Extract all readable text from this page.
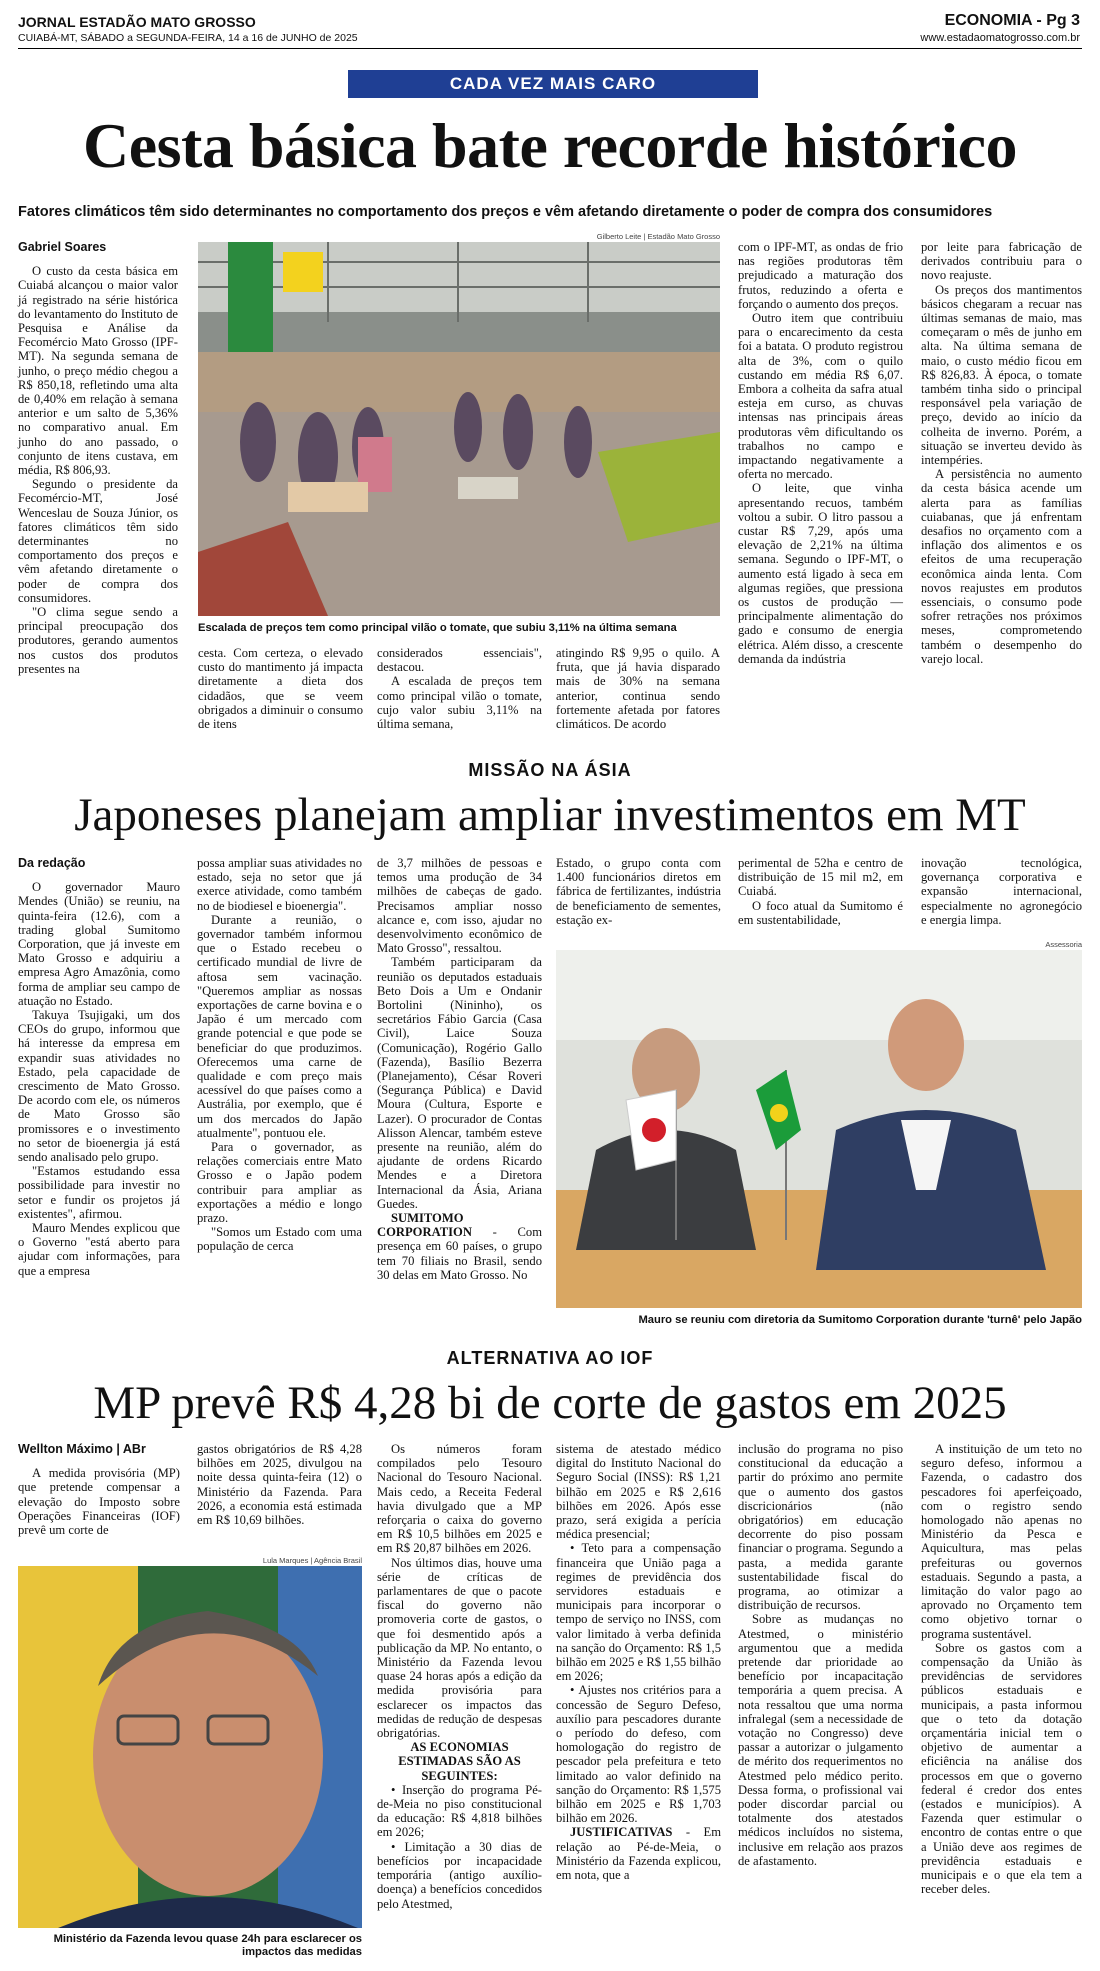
JORNAL ESTADÃO MATO GROSSO
CUIABÁ-MT, SÁBADO a SEGUNDA-FEIRA, 14 a 16 de JUNHO de 2025
ECONOMIA - Pg 3
www.estadaomatogrosso.com.br
CADA VEZ MAIS CARO
Cesta básica bate recorde histórico
Fatores climáticos têm sido determinantes no comportamento dos preços e vêm afetando diretamente o poder de compra dos consumidores
Gabriel Soares

O custo da cesta básica em Cuiabá alcançou o maior valor já registrado na série histórica do levantamento do Instituto de Pesquisa e Análise da Fecomércio Mato Grosso (IPF-MT). Na segunda semana de junho, o preço médio chegou a R$ 850,18, refletindo uma alta de 0,40% em relação à semana anterior e um salto de 5,36% no comparativo anual. Em junho do ano passado, o conjunto de itens custava, em média, R$ 806,93.

Segundo o presidente da Fecomércio-MT, José Wenceslau de Souza Júnior, os fatores climáticos têm sido determinantes no comportamento dos preços e vêm afetando diretamente o poder de compra dos consumidores.

"O clima segue sendo a principal preocupação dos produtores, gerando aumentos nos custos dos produtos presentes na

Gilberto Leite | Estadão Mato Grosso
Escalada de preços tem como principal vilão o tomate, que subiu 3,11% na última semana

cesta. Com certeza, o elevado custo do mantimento já impacta diretamente a dieta dos cidadãos, que se veem obrigados a diminuir o consumo de itens

considerados essenciais", destacou.

A escalada de preços tem como principal vilão o tomate, cujo valor subiu 3,11% na última semana,

atingindo R$ 9,95 o quilo. A fruta, que já havia disparado mais de 30% na semana anterior, continua sendo fortemente afetada por fatores climáticos. De acordo

com o IPF-MT, as ondas de frio nas regiões produtoras têm prejudicado a maturação dos frutos, reduzindo a oferta e forçando o aumento dos preços.

Outro item que contribuiu para o encarecimento da cesta foi a batata. O produto registrou alta de 3%, com o quilo custando em média R$ 6,07. Embora a colheita da safra atual esteja em curso, as chuvas intensas nas principais áreas produtoras vêm dificultando os trabalhos no campo e impactando negativamente a oferta no mercado.

O leite, que vinha apresentando recuos, também voltou a subir. O litro passou a custar R$ 7,29, após uma elevação de 2,21% na última semana. Segundo o IPF-MT, o aumento está ligado à seca em algumas regiões, que pressiona os custos de produção — principalmente alimentação do gado e consumo de energia elétrica. Além disso, a crescente demanda da indústria

por leite para fabricação de derivados contribuiu para o novo reajuste.

Os preços dos mantimentos básicos chegaram a recuar nas últimas semanas de maio, mas começaram o mês de junho em alta. Na última semana de maio, o custo médio ficou em R$ 826,83. À época, o tomate também tinha sido o principal responsável pela variação de preço, devido ao início da colheita de inverno. Porém, a situação se inverteu devido às intempéries.

A persistência no aumento da cesta básica acende um alerta para as famílias cuiabanas, que já enfrentam desafios no orçamento com a inflação dos alimentos e os efeitos de uma recuperação econômica ainda lenta. Com novos reajustes em produtos essenciais, o consumo pode sofrer retrações nos próximos meses, comprometendo também o desempenho do varejo local.

MISSÃO NA ÁSIA
Japoneses planejam ampliar investimentos em MT
Da redação

O governador Mauro Mendes (União) se reuniu, na quinta-feira (12.6), com a trading global Sumitomo Corporation, que já investe em Mato Grosso e adquiriu a empresa Agro Amazônia, como forma de ampliar seu campo de atuação no Estado.

Takuya Tsujigaki, um dos CEOs do grupo, informou que há interesse da empresa em expandir suas atividades no Estado, pela capacidade de crescimento de Mato Grosso. De acordo com ele, os números de Mato Grosso são promissores e o investimento no setor de bioenergia já está sendo analisado pelo grupo.

"Estamos estudando essa possibilidade para investir no setor e fundir os projetos já existentes", afirmou.

Mauro Mendes explicou que o Governo "está aberto para ajudar com informações, para que a empresa

possa ampliar suas atividades no estado, seja no setor que já exerce atividade, como também no de biodiesel e bioenergia".

Durante a reunião, o governador também informou que o Estado recebeu o certificado mundial de livre de aftosa sem vacinação. "Queremos ampliar as nossas exportações de carne bovina e o Japão é um mercado com grande potencial e que pode se beneficiar do que produzimos. Oferecemos uma carne de qualidade e com preço mais acessível do que países como a Austrália, por exemplo, que é um dos mercados do Japão atualmente", pontuou ele.

Para o governador, as relações comerciais entre Mato Grosso e o Japão podem contribuir para ampliar as exportações a médio e longo prazo.

"Somos um Estado com uma população de cerca

de 3,7 milhões de pessoas e temos uma produção de 34 milhões de cabeças de gado. Precisamos ampliar nosso alcance e, com isso, ajudar no desenvolvimento econômico de Mato Grosso", ressaltou.

Também participaram da reunião os deputados estaduais Beto Dois a Um e Ondanir Bortolini (Nininho), os secretários Fábio Garcia (Casa Civil), Laice Souza (Comunicação), Rogério Gallo (Fazenda), Basílio Bezerra (Planejamento), César Roveri (Segurança Pública) e David Moura (Cultura, Esporte e Lazer). O procurador de Contas Alisson Alencar, também esteve presente na reunião, além do ajudante de ordens Ricardo Mendes e a Diretora Internacional da Ásia, Ariana Guedes.

SUMITOMO CORPORATION - Com presença em 60 países, o grupo tem 70 filiais no Brasil, sendo 30 delas em Mato Grosso. No

Estado, o grupo conta com 1.400 funcionários diretos em fábrica de fertilizantes, indústria de beneficiamento de sementes, estação ex-

perimental de 52ha e centro de distribuição de 15 mil m2, em Cuiabá.

O foco atual da Sumitomo é em sustentabilidade,

inovação tecnológica, governança corporativa e expansão internacional, especialmente no agronegócio e energia limpa.

Assessoria
Mauro se reuniu com diretoria da Sumitomo Corporation durante 'turnê' pelo Japão
ALTERNATIVA AO IOF
MP prevê R$ 4,28 bi de corte de gastos em 2025
Wellton Máximo | ABr

A medida provisória (MP) que pretende compensar a elevação do Imposto sobre Operações Financeiras (IOF) prevê um corte de

gastos obrigatórios de R$ 4,28 bilhões em 2025, divulgou na noite dessa quinta-feira (12) o Ministério da Fazenda. Para 2026, a economia está estimada em R$ 10,69 bilhões.

Lula Marques | Agência Brasil
Ministério da Fazenda levou quase 24h para esclarecer os impactos das medidas

Os números foram compilados pelo Tesouro Nacional do Tesouro Nacional. Mais cedo, a Receita Federal havia divulgado que a MP reforçaria o caixa do governo em R$ 10,5 bilhões em 2025 e em R$ 20,87 bilhões em 2026.

Nos últimos dias, houve uma série de críticas de parlamentares de que o pacote fiscal do governo não promoveria corte de gastos, o que foi desmentido após a publicação da MP. No entanto, o Ministério da Fazenda levou quase 24 horas após a edição da medida provisória para esclarecer os impactos das medidas de redução de despesas obrigatórias.

AS ECONOMIAS ESTIMADAS SÃO AS SEGUINTES:

• Inserção do programa Pé-de-Meia no piso constitucional da educação: R$ 4,818 bilhões em 2026;

• Limitação a 30 dias de benefícios por incapacidade temporária (antigo auxílio-doença) a benefícios concedidos pelo Atestmed,

sistema de atestado médico digital do Instituto Nacional do Seguro Social (INSS): R$ 1,21 bilhão em 2025 e R$ 2,616 bilhões em 2026. Após esse prazo, será exigida a perícia médica presencial;

• Teto para a compensação financeira que União paga a regimes de previdência dos servidores estaduais e municipais para incorporar o tempo de serviço no INSS, com valor limitado à verba definida na sanção do Orçamento: R$ 1,5 bilhão em 2025 e R$ 1,55 bilhão em 2026;

• Ajustes nos critérios para a concessão de Seguro Defeso, auxílio para pescadores durante o período do defeso, com homologação do registro de pescador pela prefeitura e teto limitado ao valor definido na sanção do Orçamento: R$ 1,575 bilhão em 2025 e R$ 1,703 bilhão em 2026.

JUSTIFICATIVAS - Em relação ao Pé-de-Meia, o Ministério da Fazenda explicou, em nota, que a

inclusão do programa no piso constitucional da educação a partir do próximo ano permite que o aumento dos gastos discricionários (não obrigatórios) em educação decorrente do piso possam financiar o programa. Segundo a pasta, a medida garante sustentabilidade fiscal do programa, ao otimizar a distribuição de recursos.

Sobre as mudanças no Atestmed, o ministério argumentou que a medida pretende dar prioridade ao benefício por incapacitação temporária a quem precisa. A nota ressaltou que uma norma infralegal (sem a necessidade de votação no Congresso) deve passar a autorizar o julgamento de mérito dos requerimentos no Atestmed pelo médico perito. Dessa forma, o profissional vai poder discordar parcial ou totalmente dos atestados médicos incluídos no sistema, inclusive em relação aos prazos de afastamento.

A instituição de um teto no seguro defeso, informou a Fazenda, o cadastro dos pescadores foi aperfeiçoado, com o registro sendo homologado não apenas no Ministério da Pesca e Aquicultura, mas pelas prefeituras ou governos estaduais. Segundo a pasta, a limitação do valor pago ao aprovado no Orçamento tem como objetivo tornar o programa sustentável.

Sobre os gastos com a compensação da União às previdências de servidores públicos estaduais e municipais, a pasta informou que o teto da dotação orçamentária inicial tem o objetivo de aumentar a eficiência na análise dos processos em que o governo federal é credor dos entes (estados e municípios). A Fazenda quer estimular o encontro de contas entre o que a União deve aos regimes de previdência estaduais e municipais e o que ela tem a receber deles.
